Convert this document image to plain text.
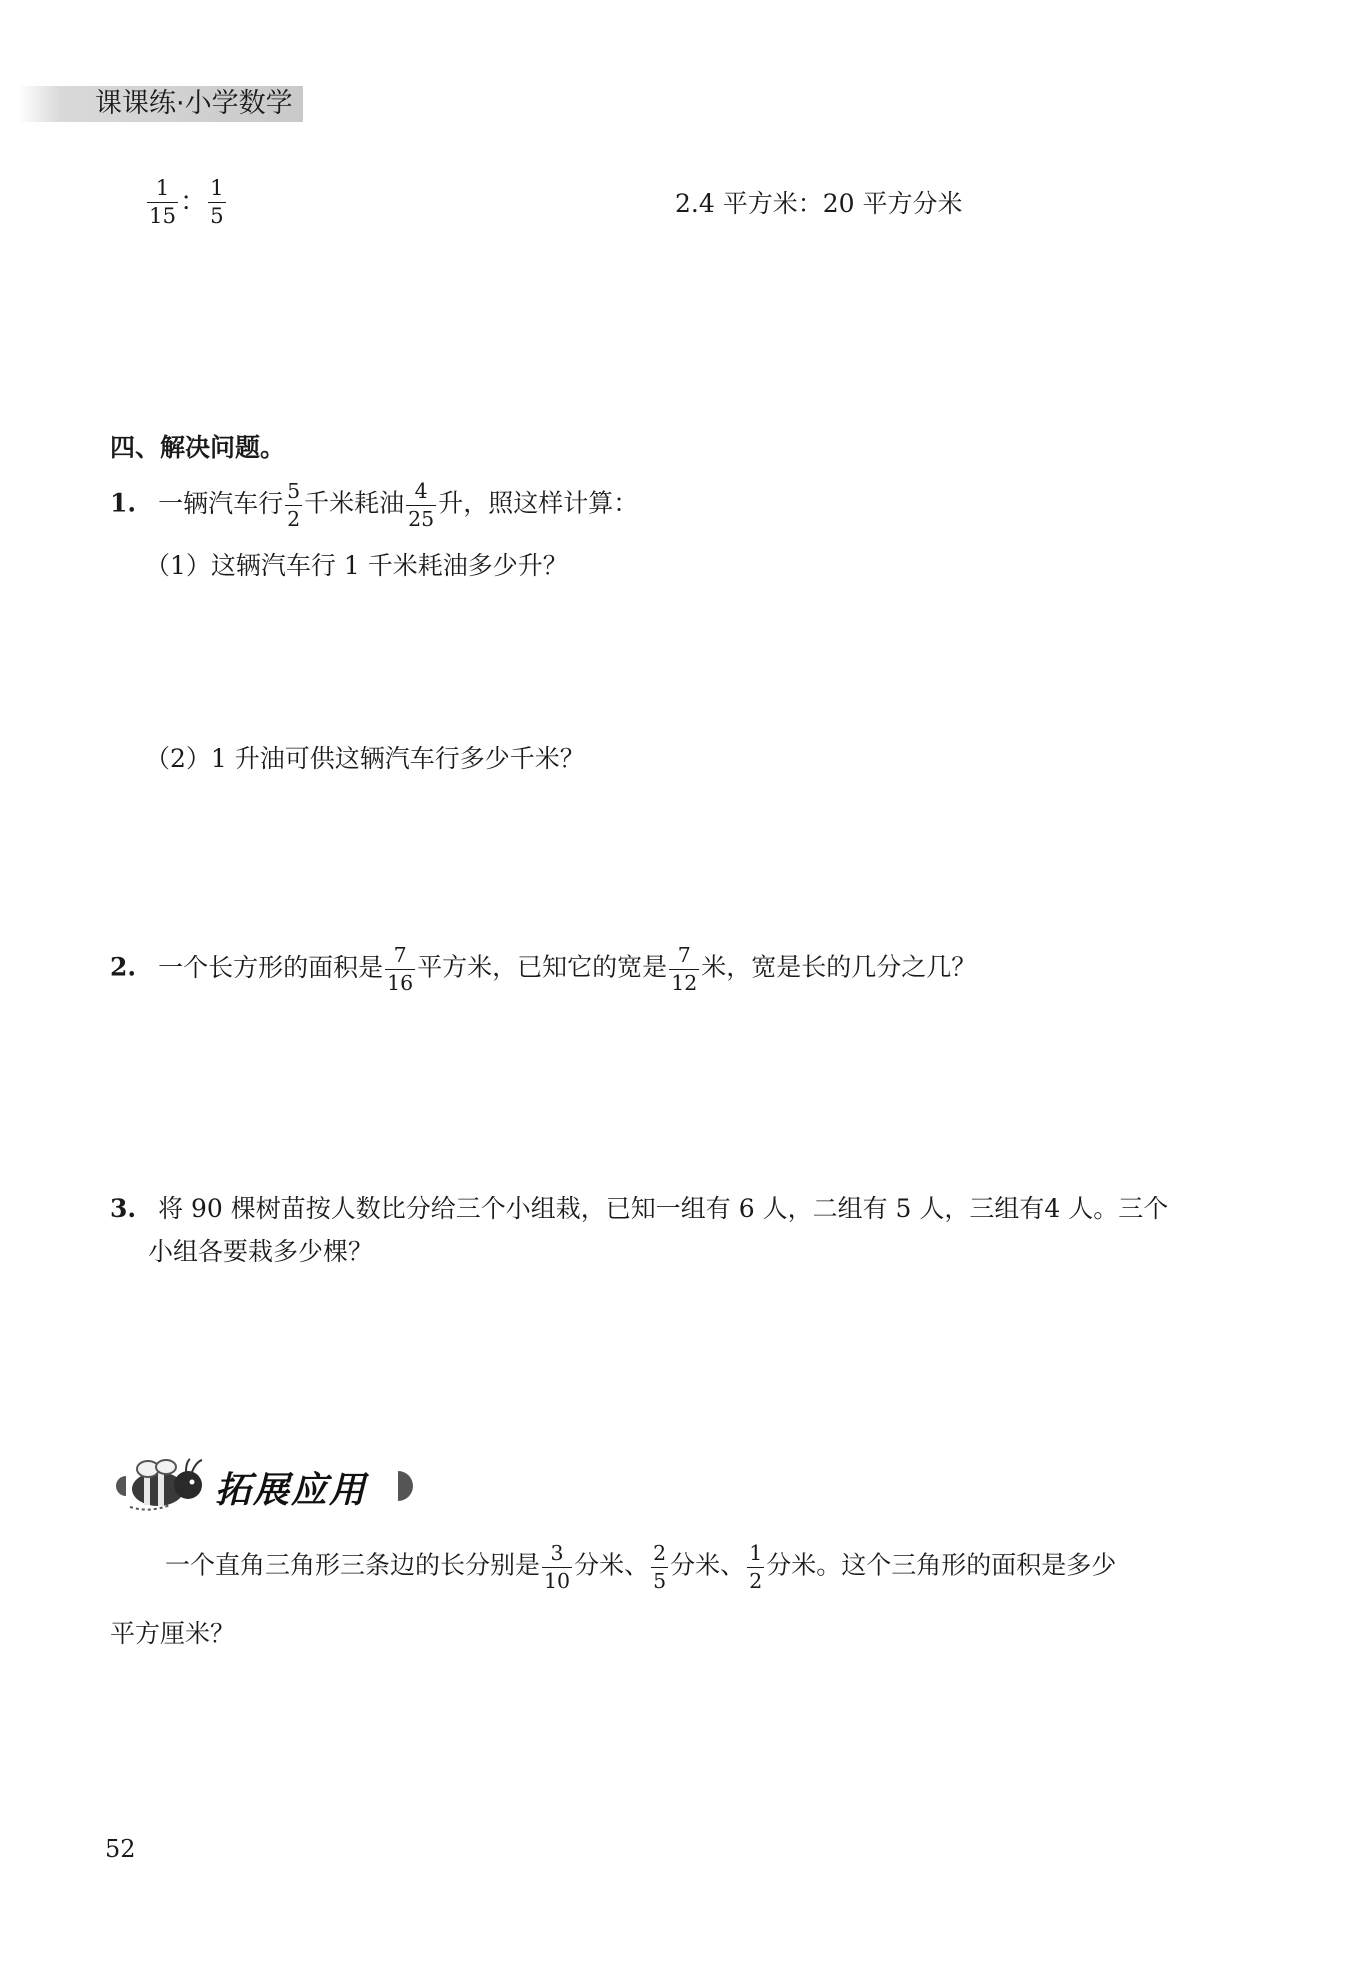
课课练·小学数学
$\frac{1}{15}$ ： $\frac{1}{5}$	2.4 平方米：20 平方分米
四、解决问题。
1. 一辆汽车行 $\frac{5}{2}$ 千米耗油 $\frac{4}{25}$ 升，照这样计算：
（1）这辆汽车行 1 千米耗油多少升？
（2）1 升油可供这辆汽车行多少千米？
2. 一个长方形的面积是 $\frac{7}{16}$ 平方米，已知它的宽是 $\frac{7}{12}$ 米，宽是长的几分之几？
3. 将 90 棵树苗按人数比分给三个小组栽，已知一组有 6 人，二组有 5 人，三组有4 人。三个
小组各要栽多少棵？
拓展应用
一个直角三角形三条边的长分别是 $\frac{3}{10}$ 分米、 $\frac{2}{5}$ 分米、 $\frac{1}{2}$ 分米。这个三角形的面积是多少
平方厘米？
52
